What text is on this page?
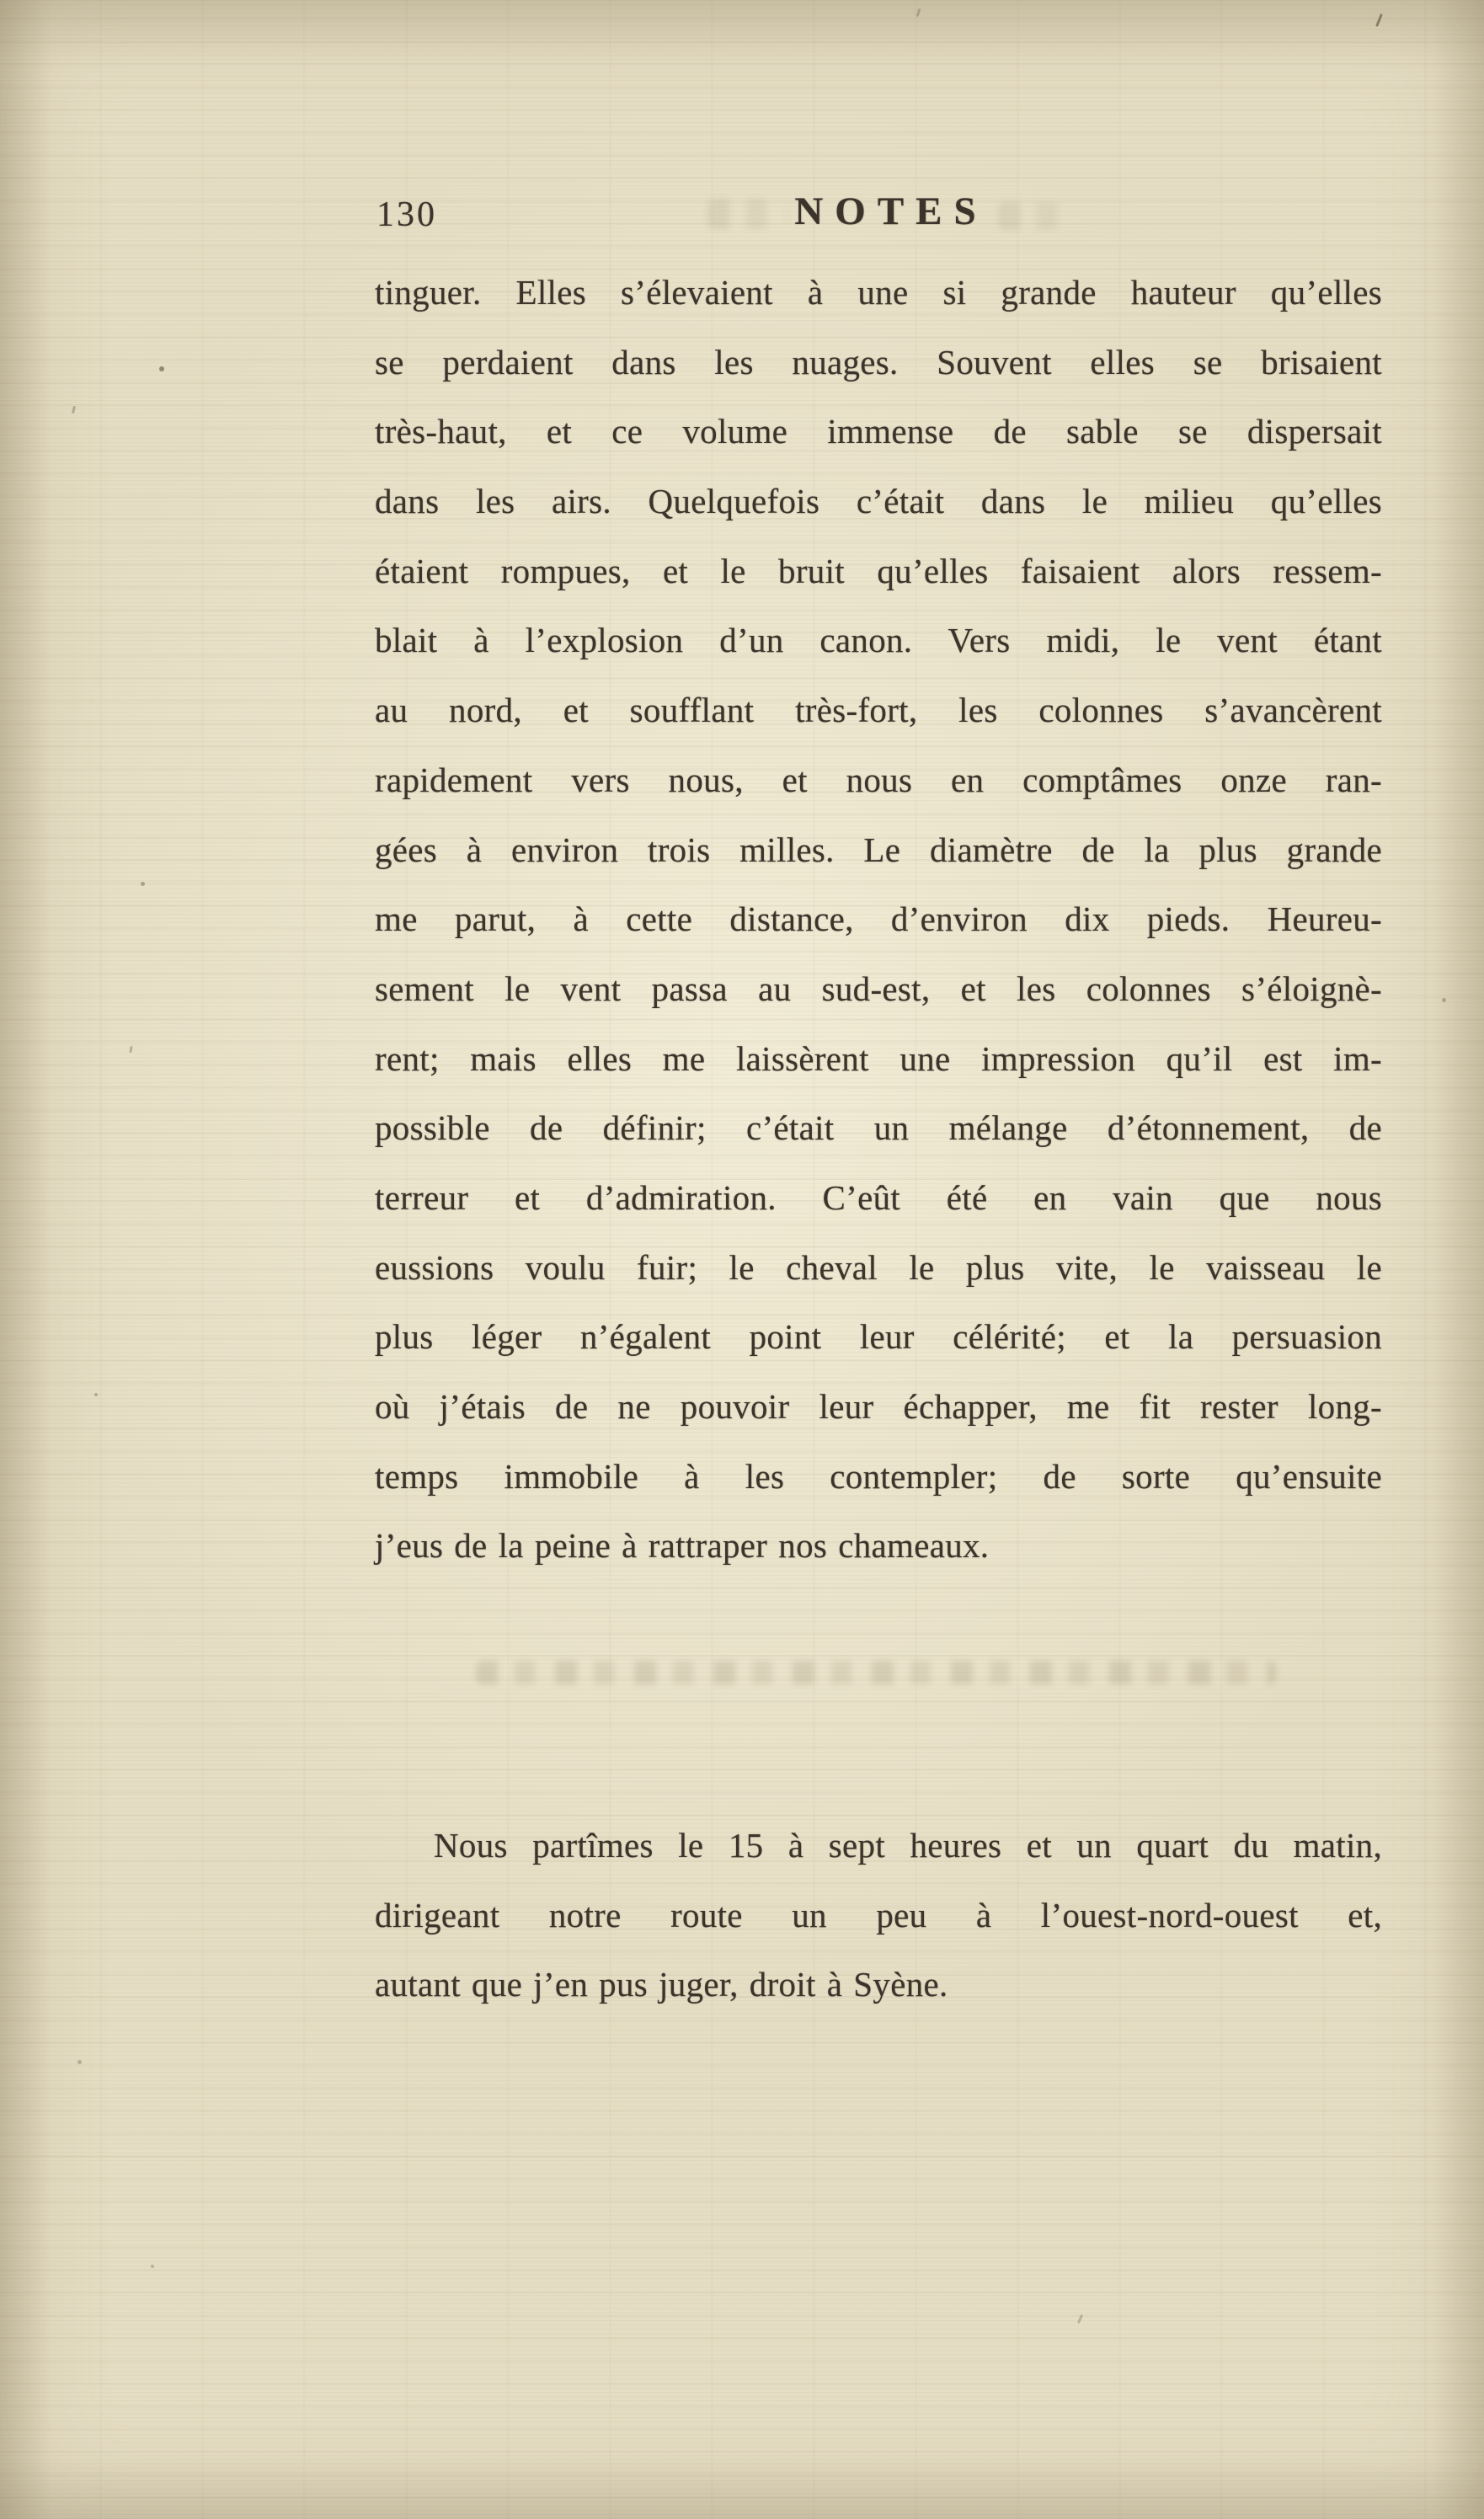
130	NOTES
tinguer. Elles s’élevaient à une si grande hauteur qu’elles
se perdaient dans les nuages. Souvent elles se brisaient
très-haut, et ce volume immense de sable se dispersait
dans les airs. Quelquefois c’était dans le milieu qu’elles
étaient rompues, et le bruit qu’elles faisaient alors ressem-
blait à l’explosion d’un canon. Vers midi, le vent étant
au nord, et soufflant très-fort, les colonnes s’avancèrent
rapidement vers nous, et nous en comptâmes onze ran-
gées à environ trois milles. Le diamètre de la plus grande
me parut, à cette distance, d’environ dix pieds. Heureu-
sement le vent passa au sud-est, et les colonnes s’éloignè-
rent; mais elles me laissèrent une impression qu’il est im-
possible de définir; c’était un mélange d’étonnement, de
terreur et d’admiration. C’eût été en vain que nous
eussions voulu fuir; le cheval le plus vite, le vaisseau le
plus léger n’égalent point leur célérité; et la persuasion
où j’étais de ne pouvoir leur échapper, me fit rester long-
temps immobile à les contempler; de sorte qu’ensuite
j’eus de la peine à rattraper nos chameaux.
Nous partîmes le 15 à sept heures et un quart du matin,
dirigeant notre route un peu à l’ouest-nord-ouest et,
autant que j’en pus juger, droit à Syène.
